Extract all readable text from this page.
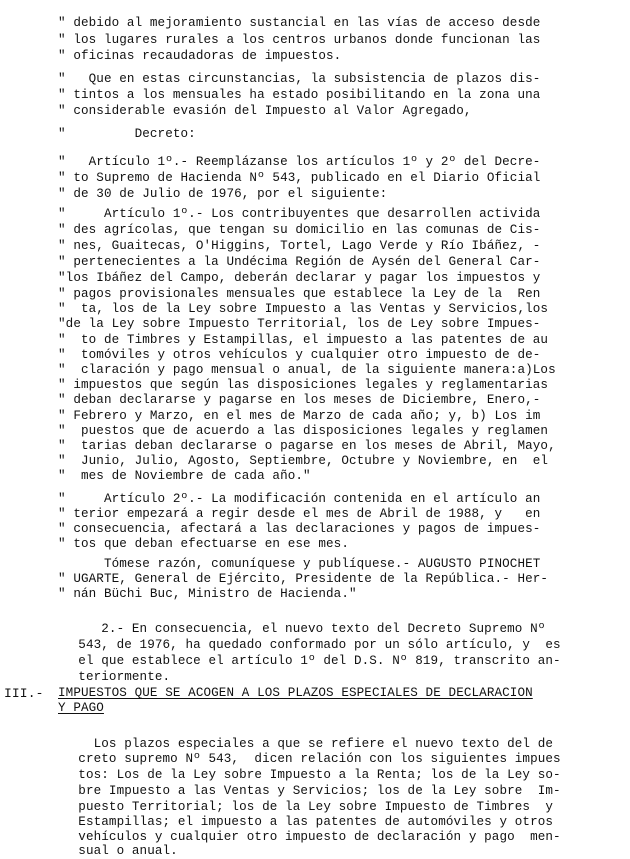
" debido al mejoramiento sustancial en las vías de acceso desde
" los lugares rurales a los centros urbanos donde funcionan las
" oficinas recaudadoras de impuestos.
"   Que en estas circunstancias, la subsistencia de plazos dis-
" tintos a los mensuales ha estado posibilitando en la zona una
" considerable evasión del Impuesto al Valor Agregado,
"         Decreto:
"   Artículo 1º.- Reemplázanse los artículos 1º y 2º del Decre-
" to Supremo de Hacienda Nº 543, publicado en el Diario Oficial
" de 30 de Julio de 1976, por el siguiente:
"     Artículo 1º.- Los contribuyentes que desarrollen activida
" des agrícolas, que tengan su domicilio en las comunas de Cis-
" nes, Guaitecas, O'Higgins, Tortel, Lago Verde y Río Ibáñez, -
" pertenecientes a la Undécima Región de Aysén del General Car-
"los Ibáñez del Campo, deberán declarar y pagar los impuestos y
" pagos provisionales mensuales que establece la Ley de la  Ren
"  ta, los de la Ley sobre Impuesto a las Ventas y Servicios,los
"de la Ley sobre Impuesto Territorial, los de Ley sobre Impues-
"  to de Timbres y Estampillas, el impuesto a las patentes de au
"  tomóviles y otros vehículos y cualquier otro impuesto de de-
"  claración y pago mensual o anual, de la siguiente manera:a)Los
" impuestos que según las disposiciones legales y reglamentarias
" deban declararse y pagarse en los meses de Diciembre, Enero,-
" Febrero y Marzo, en el mes de Marzo de cada año; y, b) Los im
"  puestos que de acuerdo a las disposiciones legales y reglamen
"  tarias deban declararse o pagarse en los meses de Abril, Mayo,
"  Junio, Julio, Agosto, Septiembre, Octubre y Noviembre, en  el
"  mes de Noviembre de cada año."
"     Artículo 2º.- La modificación contenida en el artículo an
" terior empezará a regir desde el mes de Abril de 1988, y   en
" consecuencia, afectará a las declaraciones y pagos de impues-
" tos que deban efectuarse en ese mes.
Tómese razón, comuníquese y publíquese.- AUGUSTO PINOCHET
" UGARTE, General de Ejército, Presidente de la República.- Her-
" nán Büchi Buc, Ministro de Hacienda."
2.- En consecuencia, el nuevo texto del Decreto Supremo Nº
543, de 1976, ha quedado conformado por un sólo artículo, y  es
el que establece el artículo 1º del D.S. Nº 819, transcrito an-
teriormente.
III.- IMPUESTOS QUE SE ACOGEN A LOS PLAZOS ESPECIALES DE DECLARACION
Y PAGO
Los plazos especiales a que se refiere el nuevo texto del de
creto supremo Nº 543,  dicen relación con los siguientes impues
tos: Los de la Ley sobre Impuesto a la Renta; los de la Ley so-
bre Impuesto a las Ventas y Servicios; los de la Ley sobre  Im-
puesto Territorial; los de la Ley sobre Impuesto de Timbres  y
Estampillas; el impuesto a las patentes de automóviles y otros
vehículos y cualquier otro impuesto de declaración y pago  men-
sual o anual.
